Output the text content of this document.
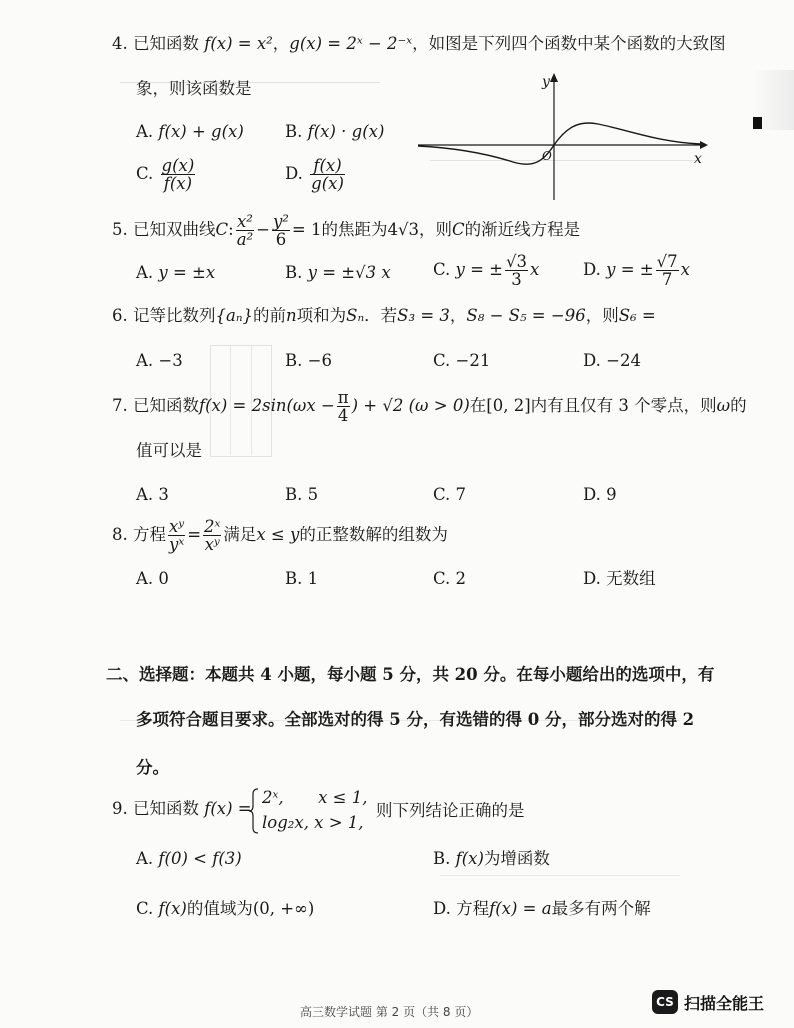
4. 已知函数 f(x) = x²，g(x) = 2ˣ − 2⁻ˣ，如图是下列四个函数中某个函数的大致图
象，则该函数是
A. f(x) + g(x) B. f(x) · g(x)
C. $\frac{g(x)}{f(x)}$	D. $\frac{f(x)}{g(x)}$
y
x
O
5. 已知双曲线C: $\frac{\text{x²}}{\text{a²}} - \frac{\text{y²}}{6} = 1$的焦距为4√3，则C的渐近线方程是
A. y = ±x	B. y = ±√3 x	C. y = ± $\frac{√3}{3}$ x	D. y = ± $\frac{√7}{7}$ x
6. 记等比数列{aₙ}的前n项和为Sₙ．若S₃ = 3，S₈ − S₅ = −96，则S₆ =
A. −3	B. −6	C. −21	D. −24
7. 已知函数$f(x) = 2\sin(\omega x - \frac{\pi}{4}$ ) + √2 (ω > 0)在[0, 2]内有且仅有 3 个零点，则ω的
值可以是
A. 3	B. 5	C. 7	D. 9
8. 方程 $\frac{\text{xʸ}}{\text{yˣ}} = \frac{\text{2ˣ}}{\text{xʸ}}$ 满足x ≤ y的正整数解的组数为
A. 0	B. 1	C. 2	D. 无数组
二、选择题：本题共 4 小题，每小题 5 分，共 20 分。在每小题给出的选项中，有
多项符合题目要求。全部选对的得 5 分，有选错的得 0 分，部分选对的得 2
分。
9. 已知函数 f(x) =
2ˣ, x ≤ 1,
log₂x, x > 1,
则下列结论正确的是
A. f(0) < f(3)	B. f(x)为增函数
C. f(x)的值域为(0, +∞)	D. 方程f(x) = a最多有两个解
高三数学试题 第 2 页（共 8 页）
CS 扫描全能王
